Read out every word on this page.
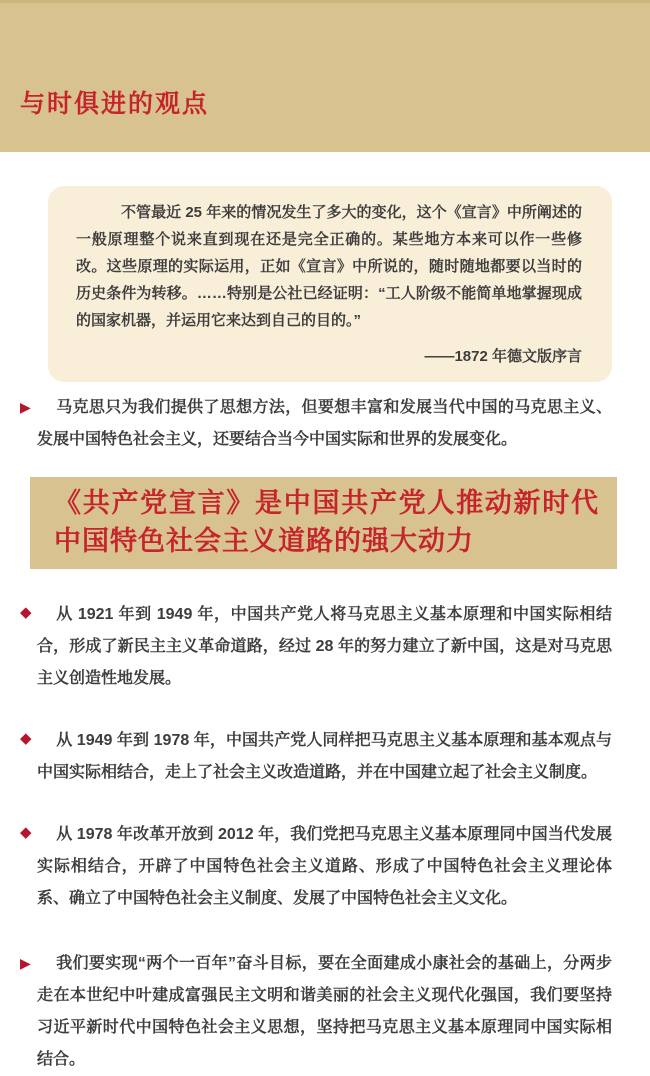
与时俱进的观点

不管最近 25 年来的情况发生了多大的变化，这个《宣言》中所阐述的一般原理整个说来直到现在还是完全正确的。某些地方本来可以作一些修改。这些原理的实际运用，正如《宣言》中所说的，随时随地都要以当时的历史条件为转移。……特别是公社已经证明：“工人阶级不能简单地掌握现成的国家机器，并运用它来达到自己的目的。”

——1872 年德文版序言

▶	马克思只为我们提供了思想方法，但要想丰富和发展当代中国的马克思主义、发展中国特色社会主义，还要结合当今中国实际和世界的发展变化。

《共产党宣言》是中国共产党人推动新时代中国特色社会主义道路的强大动力
◆	从 1921 年到 1949 年，中国共产党人将马克思主义基本原理和中国实际相结合，形成了新民主主义革命道路，经过 28 年的努力建立了新中国，这是对马克思主义创造性地发展。

◆	从 1949 年到 1978 年，中国共产党人同样把马克思主义基本原理和基本观点与中国实际相结合，走上了社会主义改造道路，并在中国建立起了社会主义制度。

◆	从 1978 年改革开放到 2012 年，我们党把马克思主义基本原理同中国当代发展实际相结合，开辟了中国特色社会主义道路、形成了中国特色社会主义理论体系、确立了中国特色社会主义制度、发展了中国特色社会主义文化。

▶	我们要实现“两个一百年”奋斗目标，要在全面建成小康社会的基础上，分两步走在本世纪中叶建成富强民主文明和谐美丽的社会主义现代化强国，我们要坚持习近平新时代中国特色社会主义思想，坚持把马克思主义基本原理同中国实际相结合。
